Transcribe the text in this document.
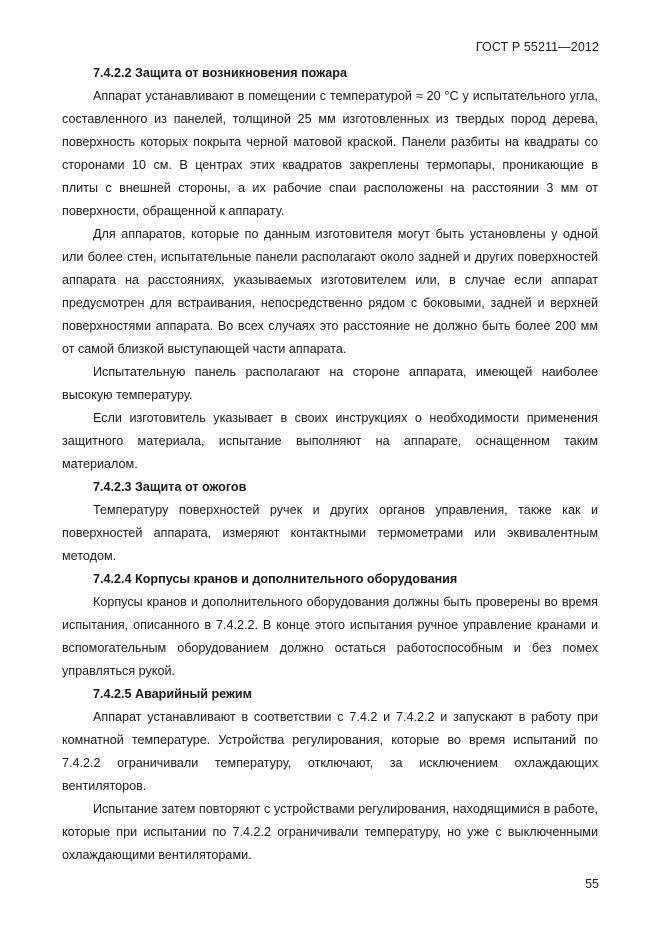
ГОСТ Р 55211—2012

7.4.2.2 Защита от возникновения пожара

Аппарат устанавливают в помещении с температурой ≈ 20 °С у испытательного угла, составленного из панелей, толщиной 25 мм изготовленных из твердых пород дерева, поверхность которых покрыта черной матовой краской. Панели разбиты на квадраты со сторонами 10 см. В центрах этих квадратов закреплены термопары, проникающие в плиты с внешней стороны, а их рабочие спаи расположены на расстоянии 3 мм от поверхности, обращенной к аппарату.

Для аппаратов, которые по данным изготовителя могут быть установлены у одной или более стен, испытательные панели располагают около задней и других поверхностей аппарата на расстояниях, указываемых изготовителем или, в случае если аппарат предусмотрен для встраивания, непосредственно рядом с боковыми, задней и верхней поверхностями аппарата. Во всех случаях это расстояние не должно быть более 200 мм от самой близкой выступающей части аппарата.

Испытательную панель располагают на стороне аппарата, имеющей наиболее высокую температуру.

Если изготовитель указывает в своих инструкциях о необходимости применения защитного материала, испытание выполняют на аппарате, оснащенном таким материалом.

7.4.2.3 Защита от ожогов

Температуру поверхностей ручек и других органов управления, также как и поверхностей аппарата, измеряют контактными термометрами или эквивалентным методом.

7.4.2.4 Корпусы кранов и дополнительного оборудования

Корпусы кранов и дополнительного оборудования должны быть проверены во время испытания, описанного в 7.4.2.2. В конце этого испытания ручное управление кранами и вспомогательным оборудованием должно остаться работоспособным и без помех управляться рукой.

7.4.2.5 Аварийный режим

Аппарат устанавливают в соответствии с 7.4.2 и 7.4.2.2 и запускают в работу при комнатной температуре. Устройства регулирования, которые во время испытаний по 7.4.2.2 ограничивали температуру, отключают, за исключением охлаждающих вентиляторов.

Испытание затем повторяют с устройствами регулирования, находящимися в работе, которые при испытании по 7.4.2.2 ограничивали температуру, но уже с выключенными охлаждающими вентиляторами.

55
